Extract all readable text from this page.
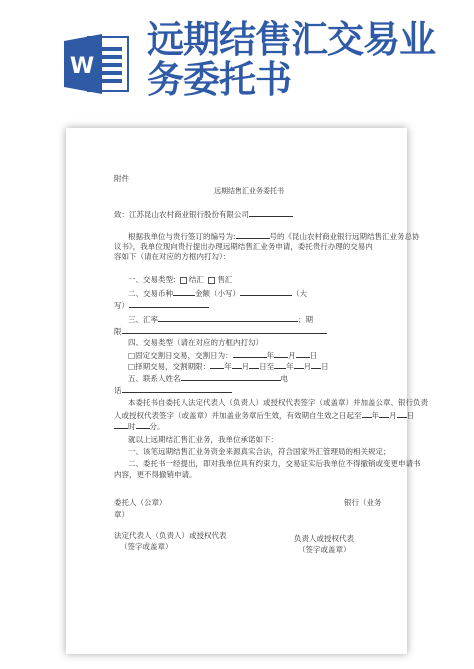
W
远期结售汇交易业
务委托书
附件
远期结售汇业务委托书
致：江苏昆山农村商业银行股份有限公司
根据我单位与贵行签订的编号为:	号的《昆山农村商业银行远期结售汇业务总协
议书》，我单位现向贵行提出办理远期结售汇业务申请，委托贵行办理的交易内容如下（请在对应的方框内打勾）：
一、交易类型: 结汇 售汇
二、交易币种	金额（小写）	（大
写）
三、汇率	；期
限
四、交易类型（请在对应的方框内打勾）
□固定交割日交易，交割日为：	年 月 日
□择期交易，交割期限： 年 月 日至 年 月 日
五、联系人姓名	电
话
本委托书自委托人法定代表人（负责人）或授权代表签字（或盖章）并加盖公章、银行负责
人或授权代表签字（或盖章）并加盖业务章后生效，有效期自生效之日起至 年 月 日
时 分。
就以上远期结汇售汇业务，我单位承诺如下：
一、该笔远期结售汇业务资金来源真实合法，符合国家外汇管理局的相关规定；
二、委托书一经提出，即对我单位具有约束力，交易证实后我单位不得撤销或变更申请书
内容，更不得撤销申请。
委托人（公章）	银行（业务
章）
法定代表人（负责人）或授权代表
（签字或盖章）
负责人或授权代表
（签字或盖章）
